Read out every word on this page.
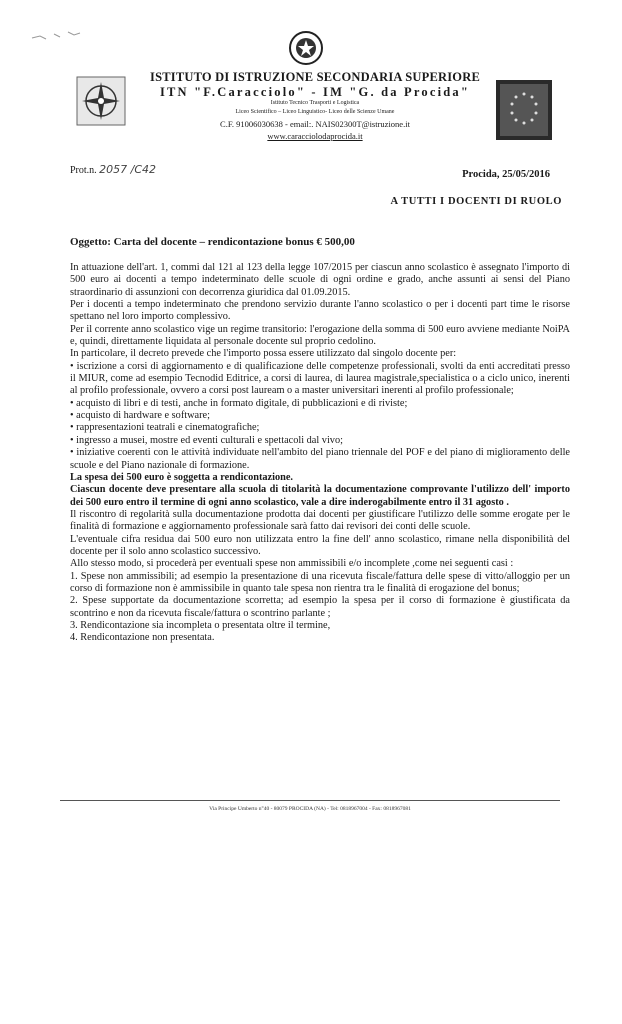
ISTITUTO DI ISTRUZIONE SECONDARIA SUPERIORE
ITN "F.Caracciolo" - IM "G. da Procida"
Istituto Tecnico Trasporti e Logistica
Liceo Scientifico – Liceo Linguistico- Liceo delle Scienze Umane
C.F. 91006030638 - email:. NAIS02300T@istruzione.it
www.caracciolodaprocida.it
Prot.n. 2057 /C42	Procida, 25/05/2016
A TUTTI I DOCENTI DI RUOLO
Oggetto: Carta del docente – rendicontazione bonus € 500,00

In attuazione dell'art. 1, commi dal 121 al 123 della legge 107/2015 per ciascun anno scolastico è assegnato l'importo di 500 euro ai docenti a tempo indeterminato delle scuole di ogni ordine e grado, anche assunti ai sensi del Piano straordinario di assunzioni con decorrenza giuridica dal 01.09.2015.

Per i docenti a tempo indeterminato che prendono servizio durante l'anno scolastico o per i docenti part time le risorse spettano nel loro importo complessivo.

Per il corrente anno scolastico vige un regime transitorio: l'erogazione della somma di 500 euro avviene mediante NoiPA e, quindi, direttamente liquidata al personale docente sul proprio cedolino.

In particolare, il decreto prevede che l'importo possa essere utilizzato dal singolo docente per:

• iscrizione a corsi di aggiornamento e di qualificazione delle competenze professionali, svolti da enti accreditati presso il MIUR, come ad esempio Tecnodid Editrice, a corsi di laurea, di laurea magistrale,specialistica o a ciclo unico, inerenti al profilo professionale, ovvero a corsi post lauream o a master universitari inerenti al profilo professionale;

• acquisto di libri e di testi, anche in formato digitale, di pubblicazioni e di riviste;

• acquisto di hardware e software;

• rappresentazioni teatrali e cinematografiche;

• ingresso a musei, mostre ed eventi culturali e spettacoli dal vivo;

• iniziative coerenti con le attività individuate nell'ambito del piano triennale del POF e del piano di miglioramento delle scuole e del Piano nazionale di formazione.

La spesa dei 500 euro è soggetta a rendicontazione.

Ciascun docente deve presentare alla scuola di titolarità la documentazione comprovante l'utilizzo dell' importo dei 500 euro entro il termine di ogni anno scolastico, vale a dire inderogabilmente entro il 31 agosto .

Il riscontro di regolarità sulla documentazione prodotta dai docenti per giustificare l'utilizzo delle somme erogate per le finalità di formazione e aggiornamento professionale sarà fatto dai revisori dei conti delle scuole.

L'eventuale cifra residua dai 500 euro non utilizzata entro la fine dell' anno scolastico, rimane nella disponibilità del docente per il solo anno scolastico successivo.

Allo stesso modo, si procederà per eventuali spese non ammissibili e/o incomplete ,come nei seguenti casi :

1. Spese non ammissibili; ad esempio la presentazione di una ricevuta fiscale/fattura delle spese di vitto/alloggio per un corso di formazione non è ammissibile in quanto tale spesa non rientra tra le finalità di erogazione del bonus;

2. Spese supportate da documentazione scorretta; ad esempio la spesa per il corso di formazione è giustificata da scontrino e non da ricevuta fiscale/fattura o scontrino parlante ;

3. Rendicontazione sia incompleta o presentata oltre il termine,

4. Rendicontazione non presentata.

Via Principe Umberto n°40 - 80079 PROCIDA (NA) - Tel: 0818967004 - Fax: 0818967081
